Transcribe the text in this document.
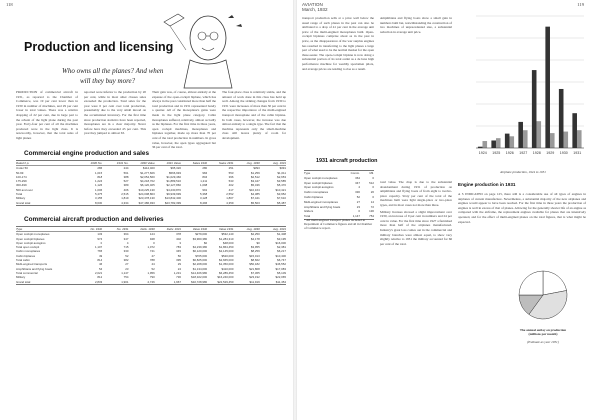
118
Production and licensing
Who owns all the planes? And when
will they buy more?

PRODUCTION of commercial aircraft in 1931, as reported to the Chamber of Commerce, was 19 per cent lower than in 1930 in number of machines, and 29 per cent lower in total values. There was a relative dropping of 22 per cent, due in large part to the advent of the light plane during the past year. Forty-four per cent of all the machines produced were in the light class. It is noteworthy, however, that the total sales of light planes

reported were inferior to the production by 20 per cent, while in most other classes sales exceeded the production. Total sales for the year were 6 per cent over total production, presumably due to the very small inroad on the accumulated inventory. For the first time since production statistics have been reported, monoplanes are in a clear majority. Never before have they exceeded 45 per cent. This year they jumped to almost 63.

Their gain was, of course, almost entirely at the expense of the open-cockpit biplane, which has always in the past constituted more than half the total production and in 1931 represented barely a quarter. All of the monoplane's gains were made in the light plane category. Cabin monoplanes suffered, relatively, almost as badly as the biplanes. For the first time in three years, open cockpit machines, monoplanes and biplanes together, made up more than 70 per cent of the total production in numbers. In gross value, however, the open types aggregated but 36 per cent of the total.

The four-place class is relatively stable, and the amount of work done in this class has held up well. Among the striking changes from 1930 to 1931 were increases of more than 30 per cent in the respective importance of the multi-engined transport monoplane and of the cabin biplane. In both cases, however, the increase was due almost entirely to a single type. The fact that the machine represents only the small-machine class still leaves plenty of room for development.

Commercial engine production and sales
Rated h.p.	1930 No.	1931 No.	1930 Value	1931 Value	Sales 1930	Sales 1931	Avg. 1930	Avg. 1931
Under 50	286	244	$112,400	$95,320	280	251	$393	$391
50-99	1,015	561	$1,277,606	$566,993	984	553	$1,259	$1,011
100-174	818	388	$2,054,560	$1,029,460	804	396	$2,512	$2,653
175-299	1,224	527	$4,218,702	$1,889,516	1,211	533	$3,447	$3,585
300-499	1,126	389	$6,120,405	$2,127,860	1,098	402	$5,436	$5,470
500 and over	1,006	406	$10,225,130	$4,230,870	991	417	$10,164	$10,421
Total	5,475	2,515	$24,008,803	$9,939,999	5,368	2,552	$4,385	$3,952
Military	3,155	1,819	$23,478,130	$13,842,400	3,128	1,807	$7,441	$7,610
Grand total	8,630	4,334	$47,486,933	$23,782,399	8,496	4,359	$5,503	$5,487
Commercial aircraft production and deliveries
Type	No. 1930	No. 1931	Deliv. 1930	Deliv. 1931	Value 1930	Value 1931	Avg. 1930	Avg. 1931
Open cockpit monoplanes	133	364	124	378	$279,000	$532,140	$2,250	$1,408
Open cockpit biplanes	974	347	948	402	$3,960,380	$1,284,310	$4,178	$3,195
Open cockpit autogiros	0	4	0	3	$0	$48,000	$0	$16,000
Total open cockpit	1,107	715	1,072	783	$4,239,380	$1,864,450	$3,955	$2,381
Cabin monoplanes	765	330	741	345	$6,120,000	$2,145,000	$8,259	$6,217
Cabin biplanes	49	52	47	50	$705,600	$520,000	$15,013	$10,400
Total cabin	814	382	788	395	$6,825,600	$2,665,000	$8,662	$6,747
Multi-engined transports	46	27	44	29	$2,208,000	$1,350,000	$50,182	$46,552
Amphibians and flying boats	54	23	52	24	$1,134,000	$410,000	$21,808	$17,083
Total commercial	2,021	1,147	1,956	1,231	$14,406,980	$6,289,450	$7,365	$5,109
Military	812	754	790	736	$18,322,000	$16,240,000	$23,192	$22,065
Grand total	2,833	1,901	2,746	1,967	$32,728,980	$22,529,450	$11,919	$11,454
AVIATION
March, 1932
119

transport production sells at a price well below the usual range of such planes in the past can also be attributed to a drop of 41 per cent in the average unit price of the multi-engined monoplanes built. Open-cockpit biplanes comprise about as in the past in price, as the disappearance of the war surplus engines has resulted in transferring to the light planes a large part of what used to be the normal market for the open three-seater. The open-cockpit biplane is now doing a substantial portion of its total outlet as a de luxe high performance machine for wealthy sportsmen pilots, and average prices are tending to rise as a result.

Amphibians and flying boats show a small gain in numbers built but, notwithstanding the construction of two machines of unprecedented size, a substantial reduction in average unit price.

1924 1925 1926 1927 1928 1929 1930 1931
Airplane production, 1924 to 1931
1931 aircraft production
Type	Comm.	Mil.
Open cockpit monoplanes	364	0
Open cockpit biplanes	347	512
Open cockpit autogiros	4	0
Cabin monoplanes	330	26
Cabin biplanes	52	0
Multi-engined monoplanes	27	14
Amphibians and flying boats	23	72
Gliders	0	130
Total	1,147	754

total value. The drop is due to the substantial abandonment during 1931 of production on amphibians and flying boats of from eight to twelve-place capacity. Sixty per cent of the total of the machines built were light single-place or two-place types, and in most cases not more than three.

Military licenses showed a slight improvement over 1930, an increase of 9 per cent in numbers and 24 per cent in value. For the first time since 1927 a furnished more than half of the airplanes manufactured. Industry's great loss comes out in the commercial and military branches were almost equal, to show very slightly relative to 1931 the military accounted for 66 per cent of the total.

Engine production in 1931

A S INDICATED on page 125, there still is a considerable use of all types of engines in airplanes of current manufacture. Nevertheless, a substantial majority of the new airplanes and engines would appear to have been reached. For the first time in three years the production of engines is well in excess of that of planes. Allowing for the generally shorter life of an engine as compared with the airframe, the replacement engines available for planes that are intensively operated, and for the effect of multi-engined planes on the total figures, that is what might be expected.

The annual outlay on production
(millions per month)
(Estimate as year 1931)
* All multi-engined transport planes included in Department of Commerce figures and all in Chamber of Commerce report.
